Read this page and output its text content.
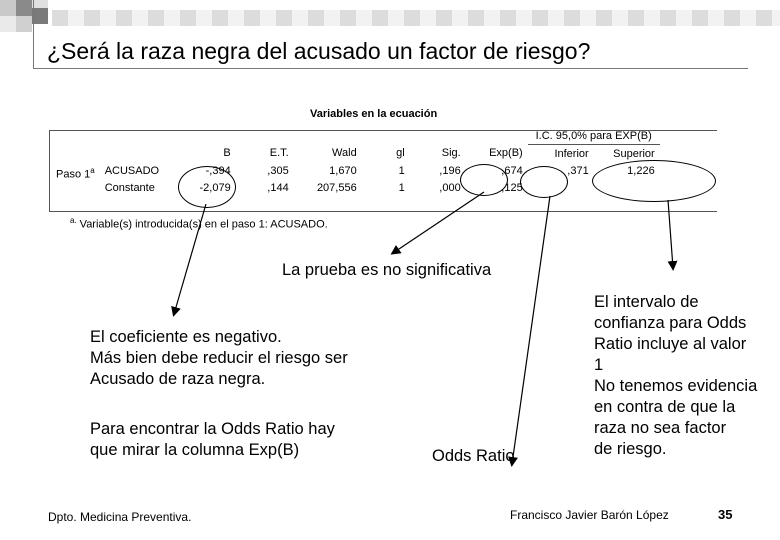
¿Será la raza negra del acusado un factor de riesgo?
Variables en la ecuación
								I.C. 95,0% para EXP(B)	
		B	E.T.	Wald	gl	Sig.	Exp(B)	Inferior	Superior
Paso 1$^a$	ACUSADO	-,394	,305	1,670	1	,196	,674	,371	1,226
	Constante	-2,079	,144	207,556	1	,000	,125		
$^{a.}$ Variable(s) introducida(s) en el paso 1: ACUSADO.
La prueba es no significativa
El coeficiente es negativo.
Más bien debe reducir el riesgo ser
Acusado de raza negra.
Para encontrar la Odds Ratio hay
que mirar la columna Exp(B)	Odds Ratio
El intervalo de
confianza para Odds
Ratio incluye al valor
1
No tenemos evidencia
en contra de que la
raza no sea factor
de riesgo.
Dpto. Medicina Preventiva.	Francisco Javier Barón López	35
